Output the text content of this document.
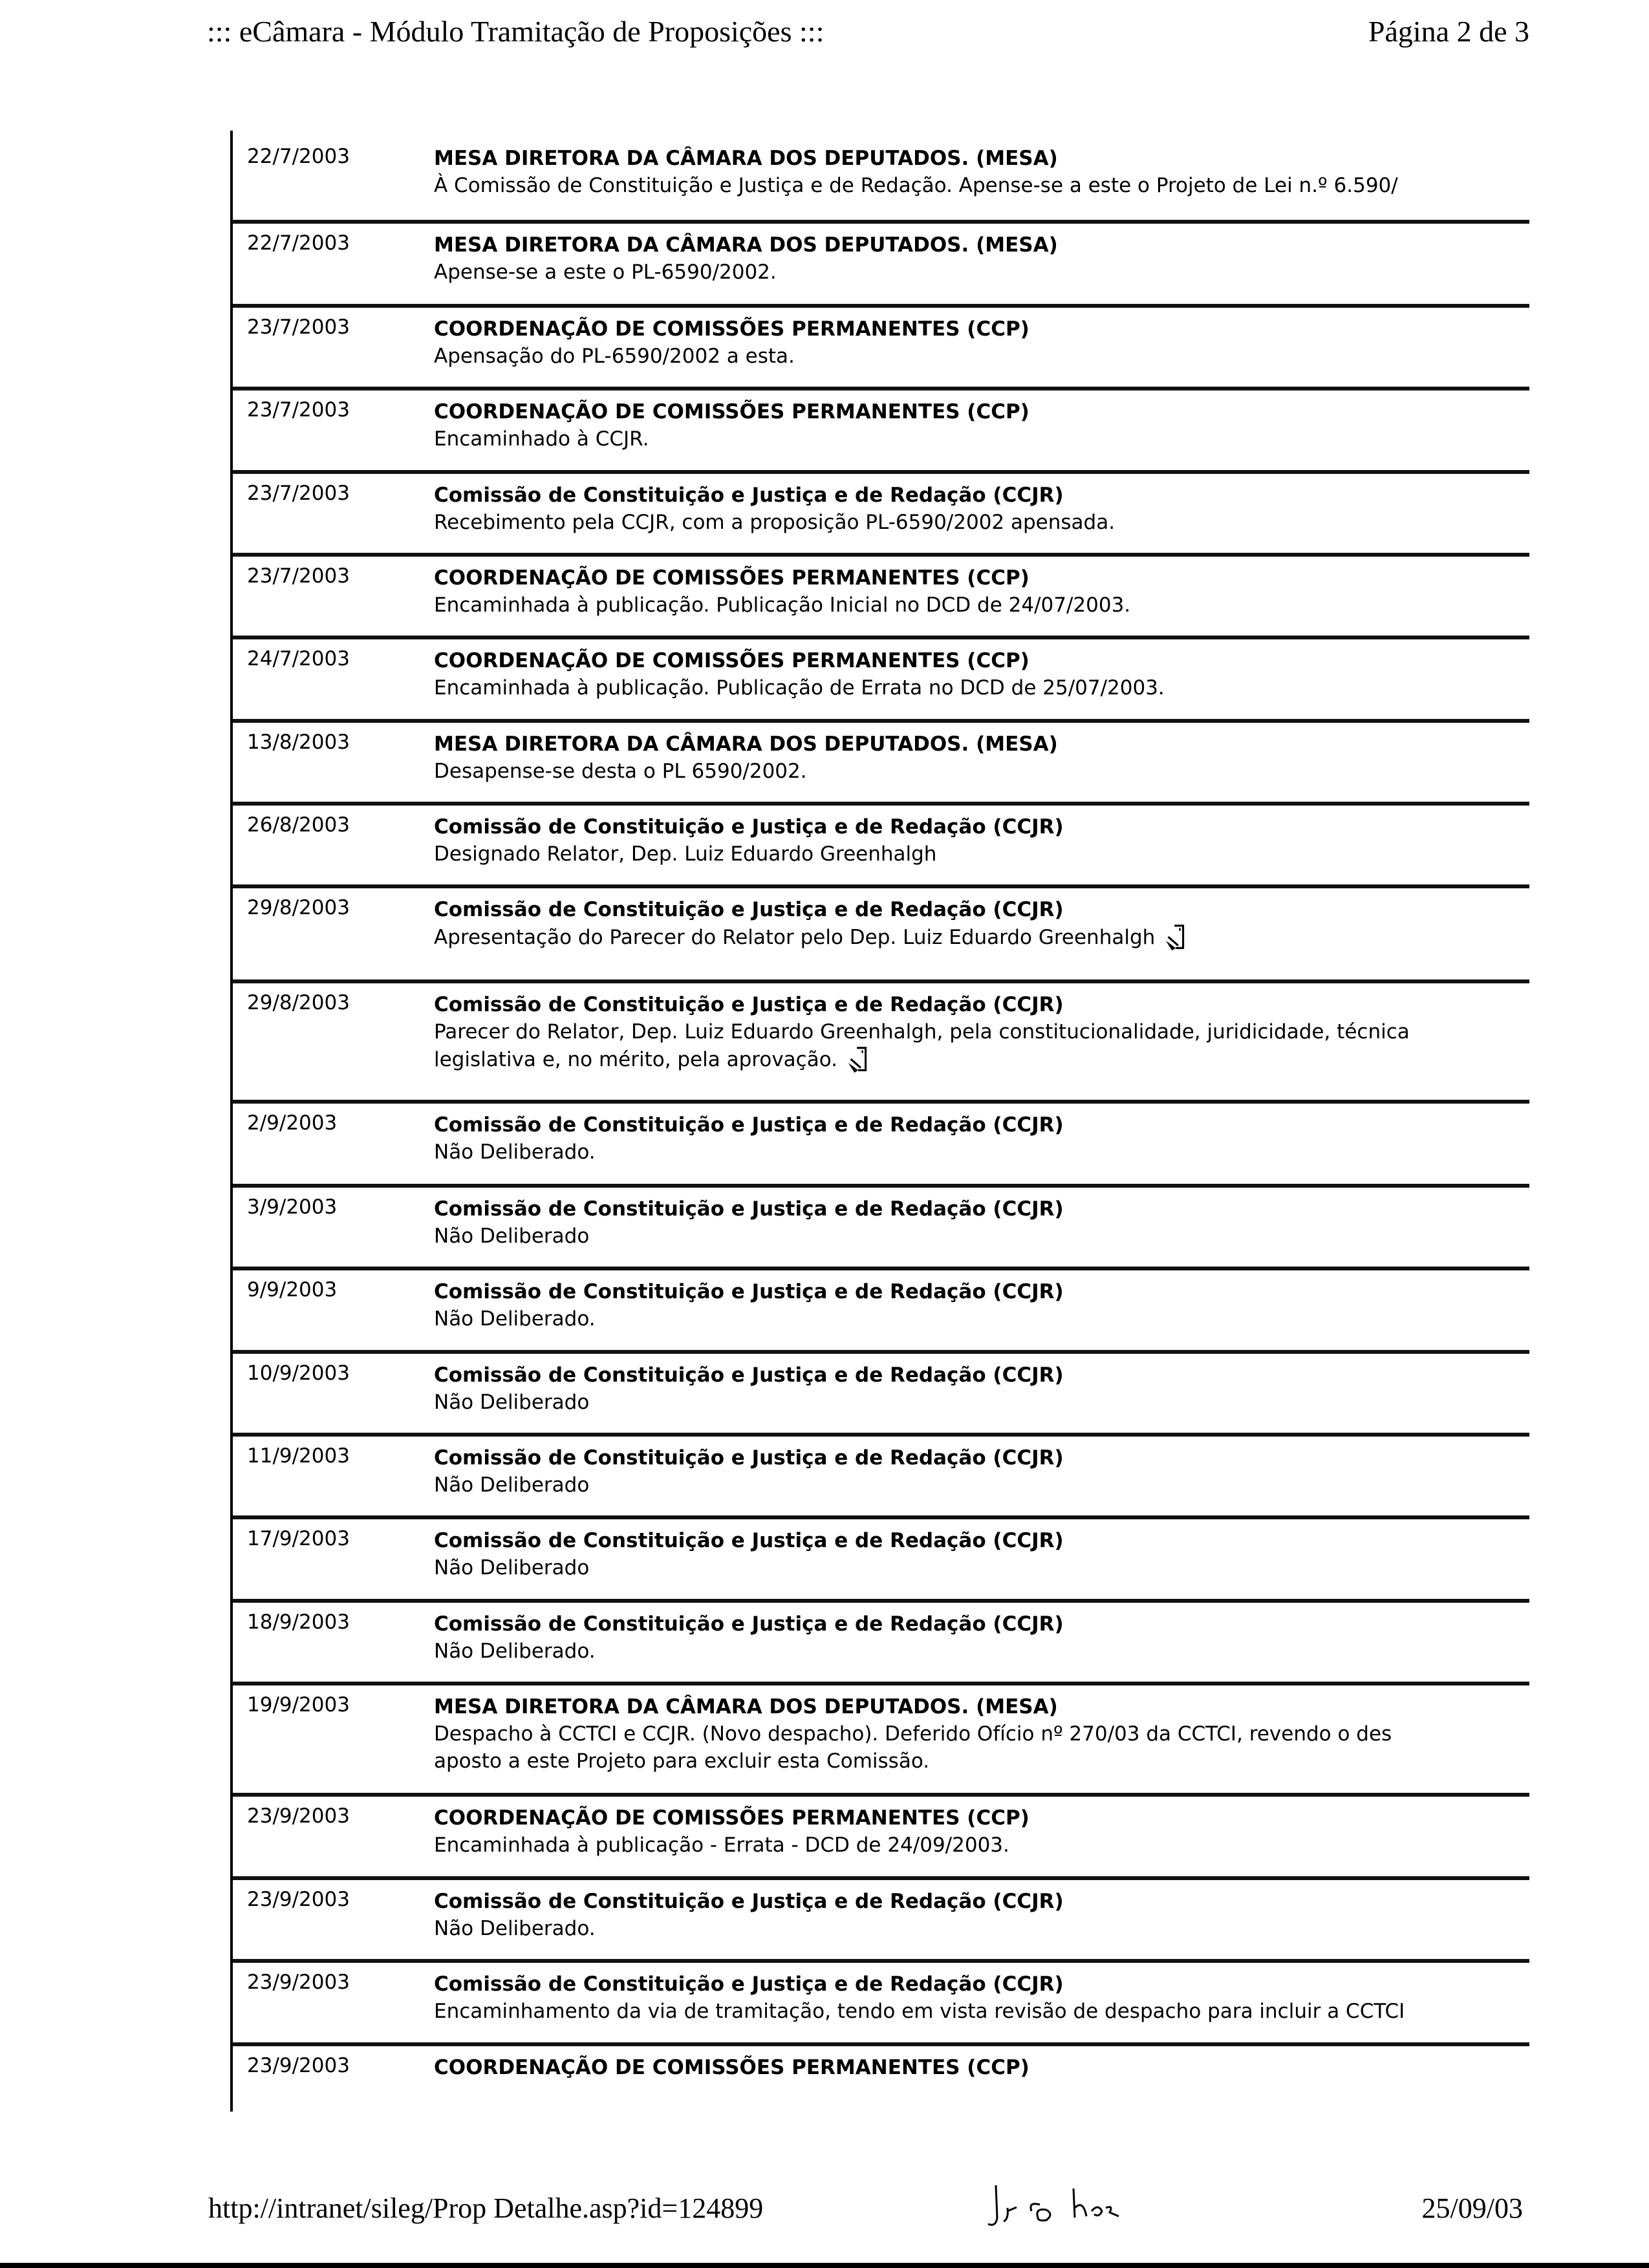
::: eCâmara - Módulo Tramitação de Proposições :::	Página 2 de 3
22/7/2003	MESA DIRETORA DA CÂMARA DOS DEPUTADOS. (MESA)
À Comissão de Constituição e Justiça e de Redação. Apense-se a este o Projeto de Lei n.º 6.590/
22/7/2003	MESA DIRETORA DA CÂMARA DOS DEPUTADOS. (MESA)
Apense-se a este o PL-6590/2002.
23/7/2003	COORDENAÇÃO DE COMISSÕES PERMANENTES (CCP)
Apensação do PL-6590/2002 a esta.
23/7/2003	COORDENAÇÃO DE COMISSÕES PERMANENTES (CCP)
Encaminhado à CCJR.
23/7/2003	Comissão de Constituição e Justiça e de Redação (CCJR)
Recebimento pela CCJR, com a proposição PL-6590/2002 apensada.
23/7/2003	COORDENAÇÃO DE COMISSÕES PERMANENTES (CCP)
Encaminhada à publicação. Publicação Inicial no DCD de 24/07/2003.
24/7/2003	COORDENAÇÃO DE COMISSÕES PERMANENTES (CCP)
Encaminhada à publicação. Publicação de Errata no DCD de 25/07/2003.
13/8/2003	MESA DIRETORA DA CÂMARA DOS DEPUTADOS. (MESA)
Desapense-se desta o PL 6590/2002.
26/8/2003	Comissão de Constituição e Justiça e de Redação (CCJR)
Designado Relator, Dep. Luiz Eduardo Greenhalgh
29/8/2003	Comissão de Constituição e Justiça e de Redação (CCJR)
Apresentação do Parecer do Relator pelo Dep. Luiz Eduardo Greenhalgh
29/8/2003	Comissão de Constituição e Justiça e de Redação (CCJR)
Parecer do Relator, Dep. Luiz Eduardo Greenhalgh, pela constitucionalidade, juridicidade, técnica
legislativa e, no mérito, pela aprovação.
2/9/2003	Comissão de Constituição e Justiça e de Redação (CCJR)
Não Deliberado.
3/9/2003	Comissão de Constituição e Justiça e de Redação (CCJR)
Não Deliberado
9/9/2003	Comissão de Constituição e Justiça e de Redação (CCJR)
Não Deliberado.
10/9/2003	Comissão de Constituição e Justiça e de Redação (CCJR)
Não Deliberado
11/9/2003	Comissão de Constituição e Justiça e de Redação (CCJR)
Não Deliberado
17/9/2003	Comissão de Constituição e Justiça e de Redação (CCJR)
Não Deliberado
18/9/2003	Comissão de Constituição e Justiça e de Redação (CCJR)
Não Deliberado.
19/9/2003	MESA DIRETORA DA CÂMARA DOS DEPUTADOS. (MESA)
Despacho à CCTCI e CCJR. (Novo despacho). Deferido Ofício nº 270/03 da CCTCI, revendo o des
aposto a este Projeto para excluir esta Comissão.
23/9/2003	COORDENAÇÃO DE COMISSÕES PERMANENTES (CCP)
Encaminhada à publicação - Errata - DCD de 24/09/2003.
23/9/2003	Comissão de Constituição e Justiça e de Redação (CCJR)
Não Deliberado.
23/9/2003	Comissão de Constituição e Justiça e de Redação (CCJR)
Encaminhamento da via de tramitação, tendo em vista revisão de despacho para incluir a CCTCI
23/9/2003	COORDENAÇÃO DE COMISSÕES PERMANENTES (CCP)
http://intranet/sileg/Prop Detalhe.asp?id=124899	25/09/03
